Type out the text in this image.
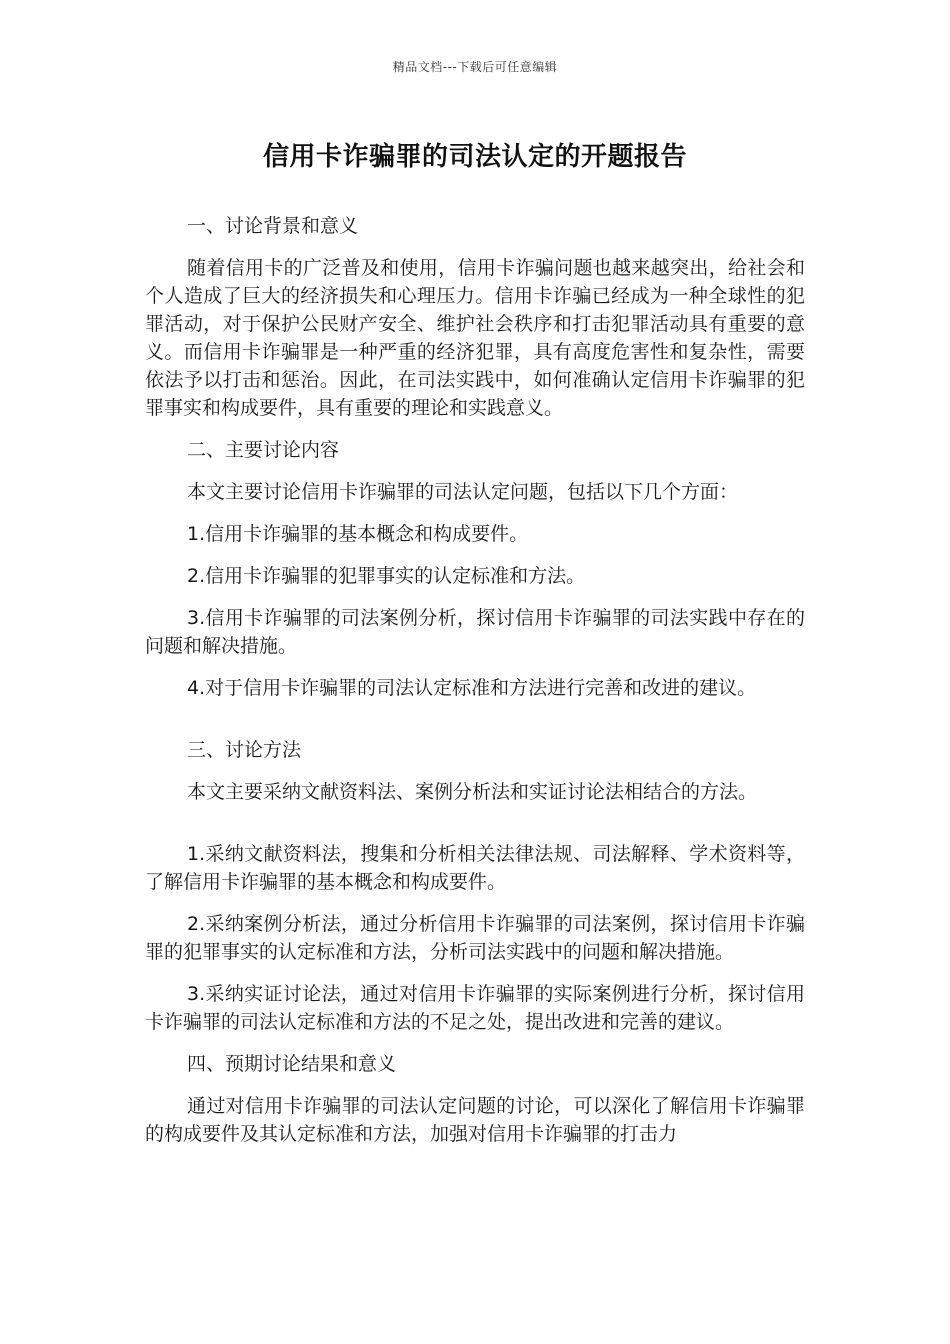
精品文档---下载后可任意编辑
信用卡诈骗罪的司法认定的开题报告

一、讨论背景和意义

随着信用卡的广泛普及和使用，信用卡诈骗问题也越来越突出，给社会和个人造成了巨大的经济损失和心理压力。信用卡诈骗已经成为一种全球性的犯罪活动，对于保护公民财产安全、维护社会秩序和打击犯罪活动具有重要的意义。而信用卡诈骗罪是一种严重的经济犯罪，具有高度危害性和复杂性，需要依法予以打击和惩治。因此，在司法实践中，如何准确认定信用卡诈骗罪的犯罪事实和构成要件，具有重要的理论和实践意义。

二、主要讨论内容

本文主要讨论信用卡诈骗罪的司法认定问题，包括以下几个方面：

1.信用卡诈骗罪的基本概念和构成要件。

2.信用卡诈骗罪的犯罪事实的认定标准和方法。

3.信用卡诈骗罪的司法案例分析，探讨信用卡诈骗罪的司法实践中存在的问题和解决措施。

4.对于信用卡诈骗罪的司法认定标准和方法进行完善和改进的建议。

三、讨论方法

本文主要采纳文献资料法、案例分析法和实证讨论法相结合的方法。

1.采纳文献资料法，搜集和分析相关法律法规、司法解释、学术资料等，了解信用卡诈骗罪的基本概念和构成要件。

2.采纳案例分析法，通过分析信用卡诈骗罪的司法案例，探讨信用卡诈骗罪的犯罪事实的认定标准和方法，分析司法实践中的问题和解决措施。

3.采纳实证讨论法，通过对信用卡诈骗罪的实际案例进行分析，探讨信用卡诈骗罪的司法认定标准和方法的不足之处，提出改进和完善的建议。

四、预期讨论结果和意义

通过对信用卡诈骗罪的司法认定问题的讨论，可以深化了解信用卡诈骗罪的构成要件及其认定标准和方法，加强对信用卡诈骗罪的打击力
